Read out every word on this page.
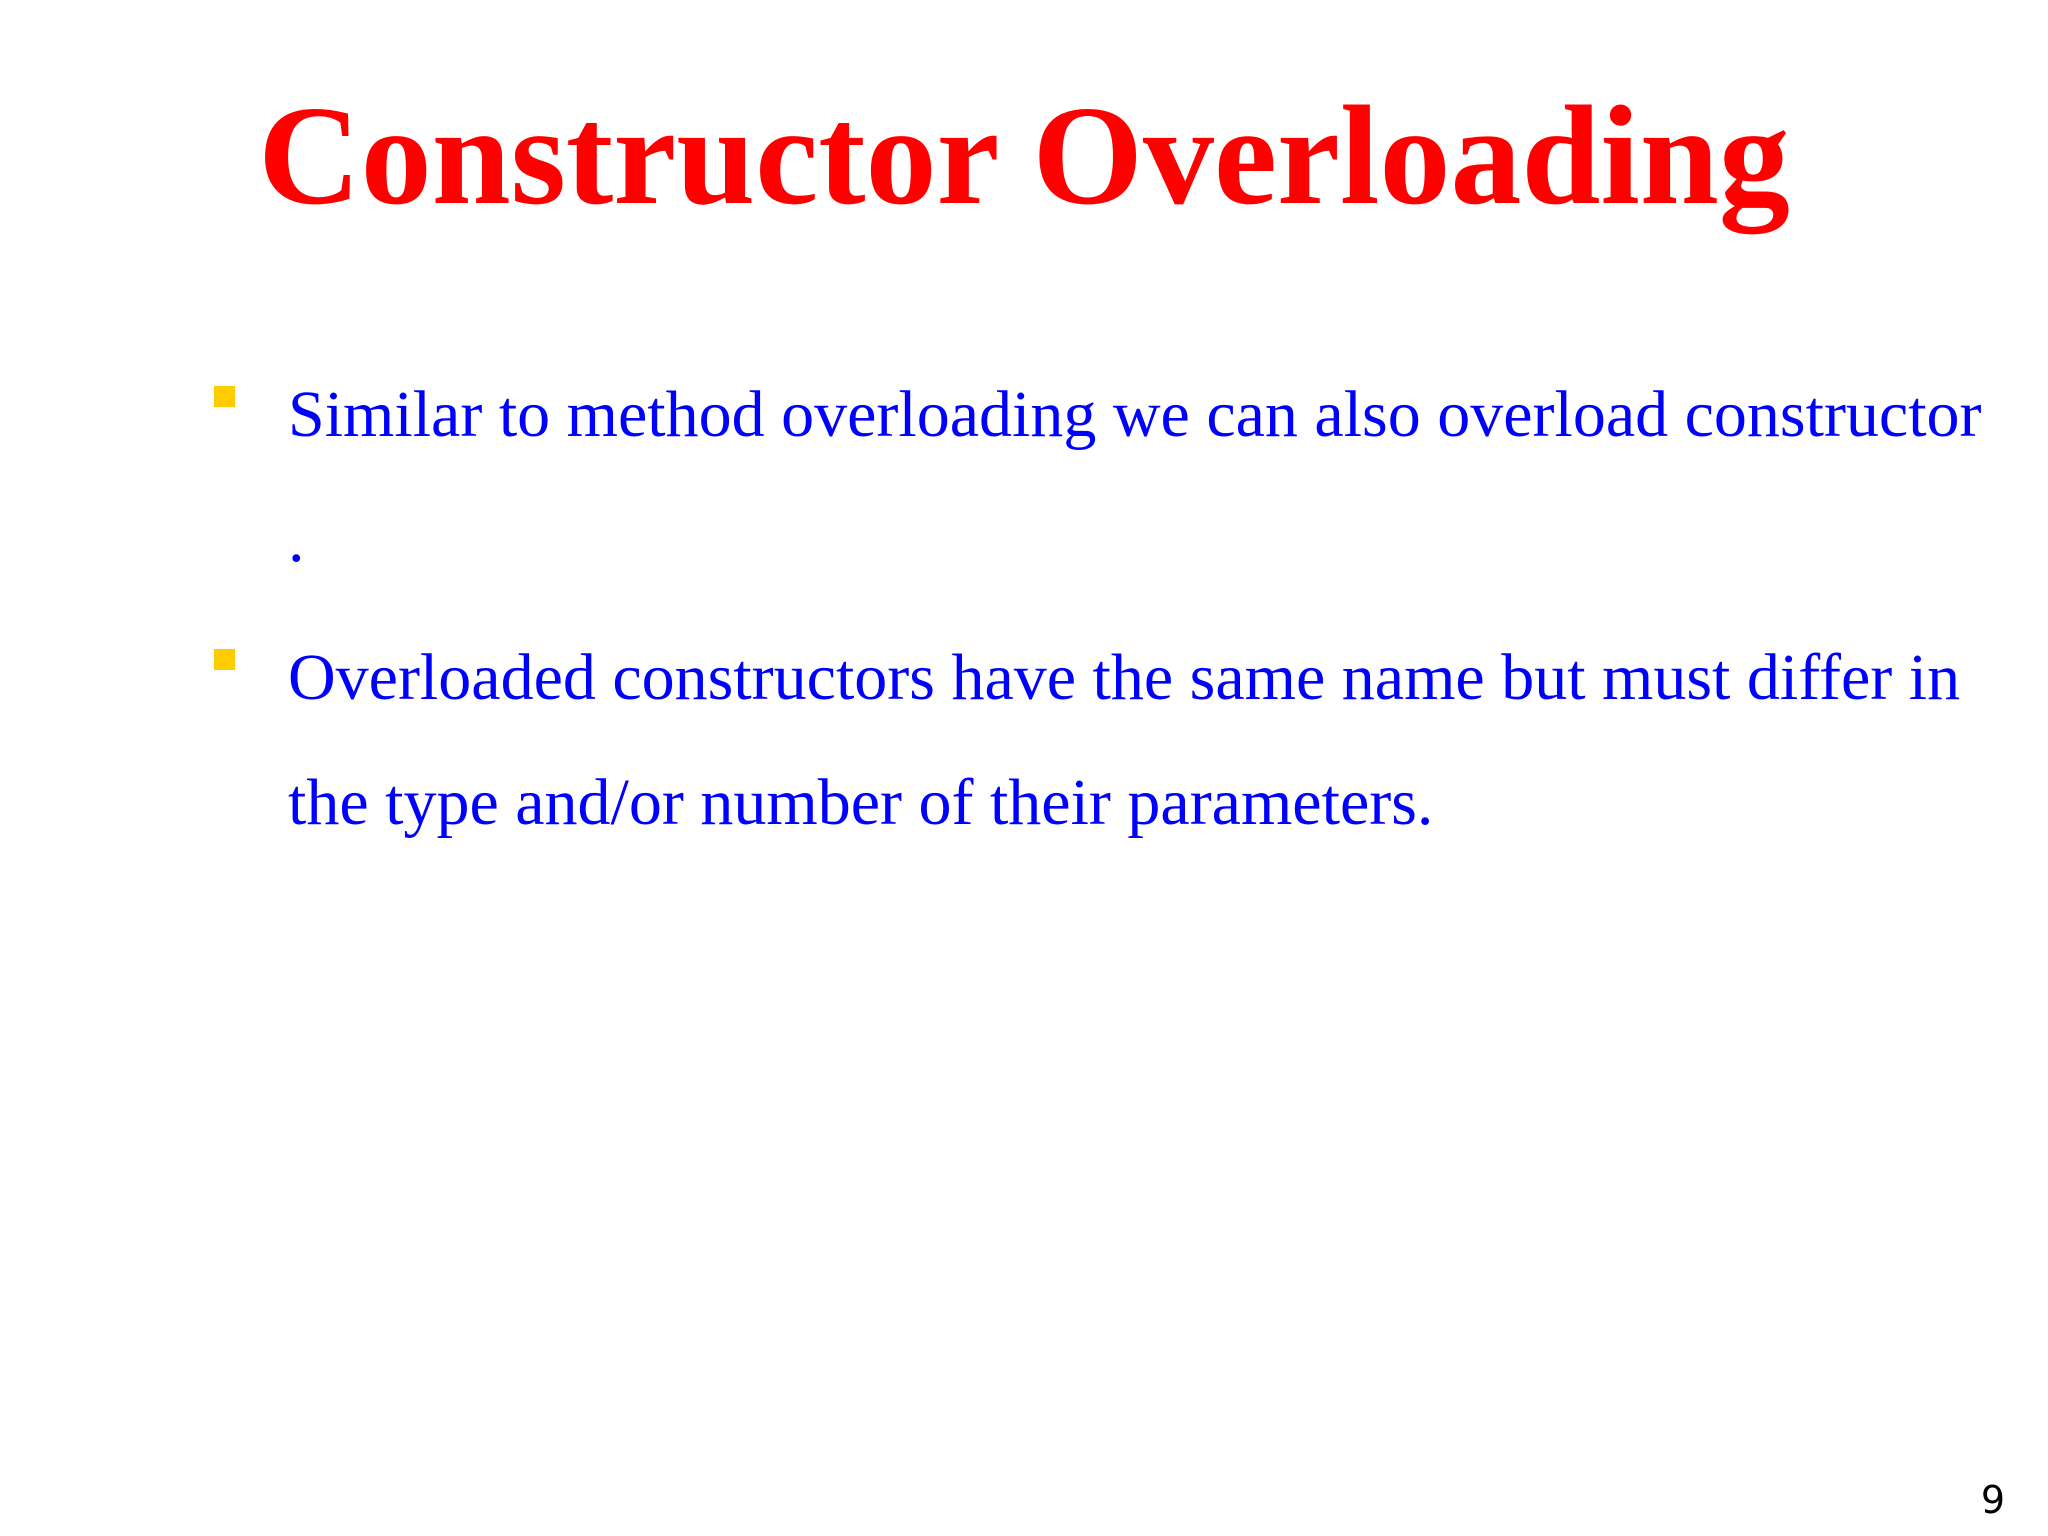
Constructor Overloading
Similar to method overloading we can also overload constructor .
Overloaded constructors have the same name but must differ in the type and/or number of their parameters.
9
